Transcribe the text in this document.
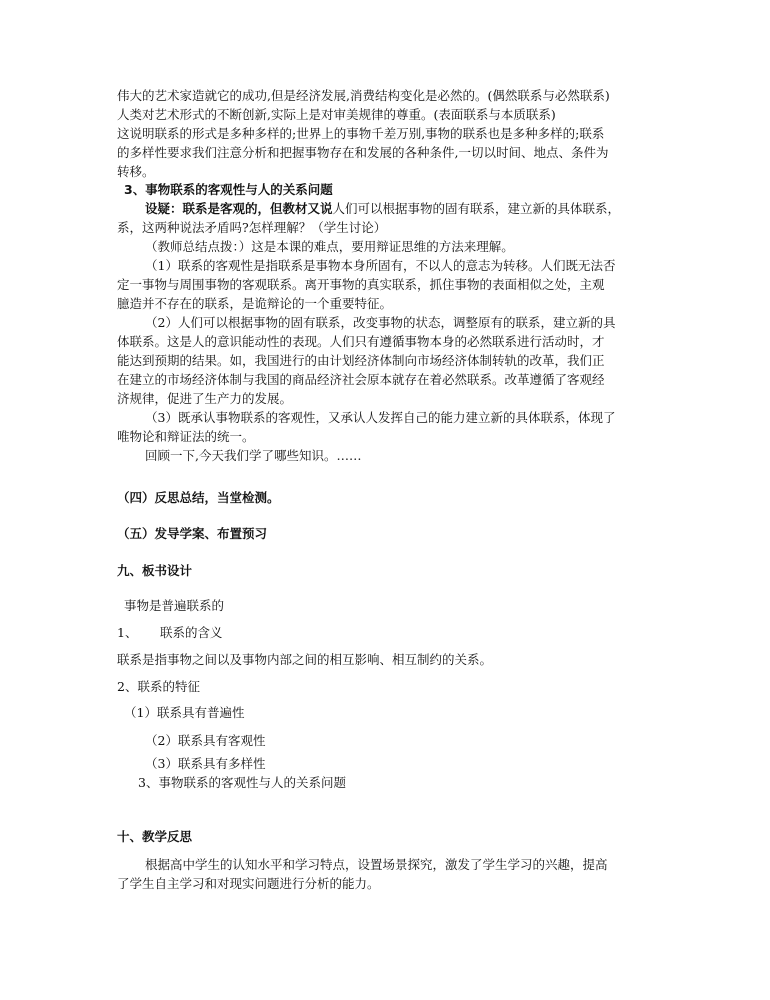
伟大的艺术家造就它的成功,但是经济发展,消费结构变化是必然的。(偶然联系与必然联系)

人类对艺术形式的不断创新,实际上是对审美规律的尊重。(表面联系与本质联系)

这说明联系的形式是多种多样的;世界上的事物千差万别,事物的联系也是多种多样的;联系

的多样性要求我们注意分析和把握事物存在和发展的各种条件,一切以时间、地点、条件为

转移。

3、事物联系的客观性与人的关系问题

设疑：联系是客观的，但教材又说人们可以根据事物的固有联系，建立新的具体联系，

系，这两种说法矛盾吗?怎样理解？（学生讨论）

（教师总结点拨：）这是本课的难点，要用辩证思维的方法来理解。

（1）联系的客观性是指联系是事物本身所固有，不以人的意志为转移。人们既无法否

定一事物与周围事物的客观联系。离开事物的真实联系，抓住事物的表面相似之处，主观

臆造并不存在的联系，是诡辩论的一个重要特征。

（2）人们可以根据事物的固有联系，改变事物的状态，调整原有的联系，建立新的具

体联系。这是人的意识能动性的表现。人们只有遵循事物本身的必然联系进行活动时，才

能达到预期的结果。如，我国进行的由计划经济体制向市场经济体制转轨的改革，我们正

在建立的市场经济体制与我国的商品经济社会原本就存在着必然联系。改革遵循了客观经

济规律，促进了生产力的发展。

（3）既承认事物联系的客观性，又承认人发挥自己的能力建立新的具体联系，体现了

唯物论和辩证法的统一。

回顾一下,今天我们学了哪些知识。……

（四）反思总结，当堂检测。

（五）发导学案、布置预习

九、板书设计

事物是普遍联系的

1、 联系的含义

联系是指事物之间以及事物内部之间的相互影响、相互制约的关系。

2、联系的特征

（1）联系具有普遍性

（2）联系具有客观性

（3）联系具有多样性

3、事物联系的客观性与人的关系问题

十、教学反思

根据高中学生的认知水平和学习特点，设置场景探究，激发了学生学习的兴趣，提高

了学生自主学习和对现实问题进行分析的能力。
